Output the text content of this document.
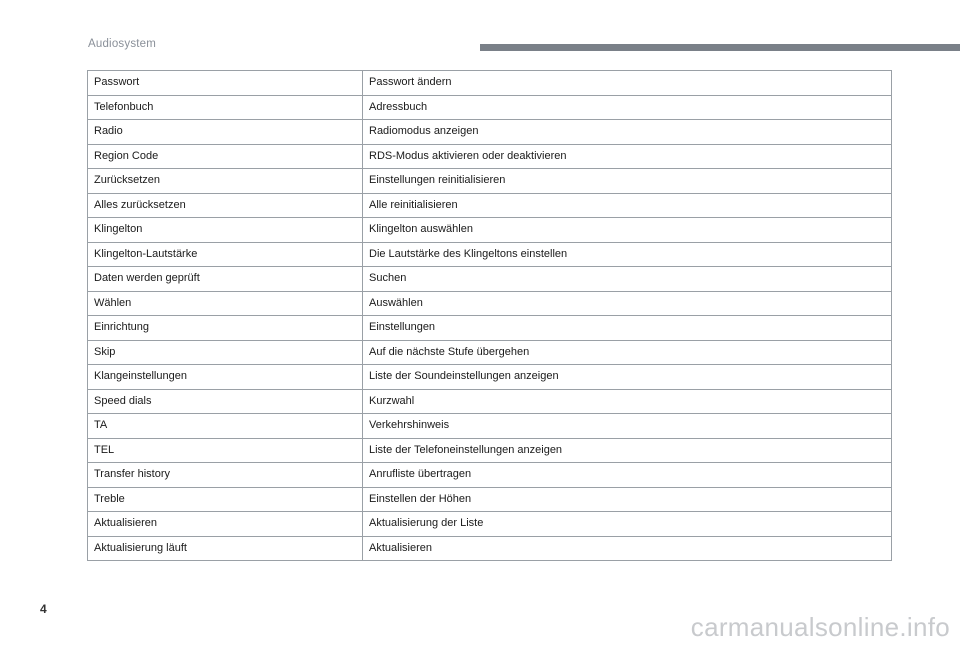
Audiosystem
Passwort	Passwort ändern
Telefonbuch	Adressbuch
Radio	Radiomodus anzeigen
Region Code	RDS-Modus aktivieren oder deaktivieren
Zurücksetzen	Einstellungen reinitialisieren
Alles zurücksetzen	Alle reinitialisieren
Klingelton	Klingelton auswählen
Klingelton-Lautstärke	Die Lautstärke des Klingeltons einstellen
Daten werden geprüft	Suchen
Wählen	Auswählen
Einrichtung	Einstellungen
Skip	Auf die nächste Stufe übergehen
Klangeinstellungen	Liste der Soundeinstellungen anzeigen
Speed dials	Kurzwahl
TA	Verkehrshinweis
TEL	Liste der Telefoneinstellungen anzeigen
Transfer history	Anrufliste übertragen
Treble	Einstellen der Höhen
Aktualisieren	Aktualisierung der Liste
Aktualisierung läuft	Aktualisieren
4
carmanualsonline.info
